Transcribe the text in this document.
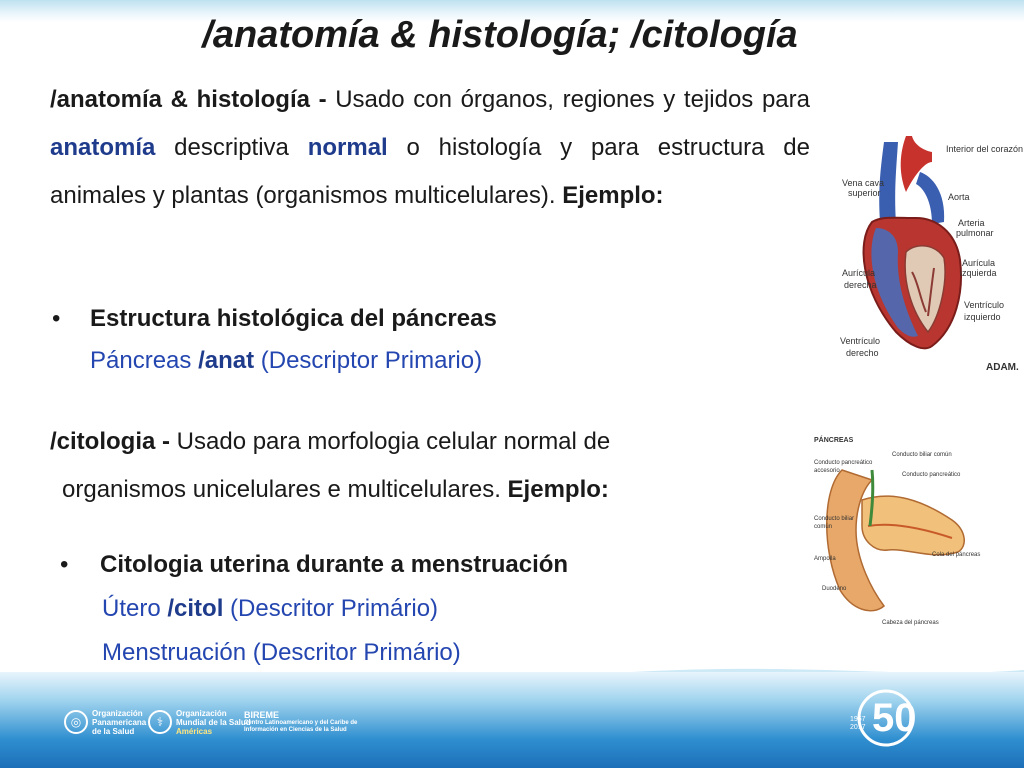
/anatomía & histología; /citología
/anatomía & histología - Usado con órganos, regiones y tejidos para anatomía descriptiva normal o histología y para estructura de animales y plantas (organismos multicelulares). Ejemplo:
• Estructura histológica del páncreas
Páncreas /anat (Descriptor Primario)
/citologia - Usado para morfologia celular normal de
organismos unicelulares e multicelulares. Ejemplo:
• Citologia uterina durante a menstruación
Útero /citol (Descritor Primário)
Menstruación (Descritor Primário)
Interior del corazón
Vena cava
superior	Aorta
Arteria
pulmonar
Aurícula
izquierda
Aurícula
derecha
Ventrículo
izquierdo
Ventrículo
derecho
ADAM.
PÁNCREAS
Conducto biliar común
Conducto pancreático
accesorio
Conducto pancreático
Conducto biliar
común
Cola del páncreas
Ampolla
Duodeno
Cabeza del páncreas
◎
Organización
Panamericana
de la Salud
⚕
Organización
Mundial de la Salud
Américas
BIREME
Centro Latinoamericano y del Caribe de
Información en Ciencias de la Salud	50
1967
2017
